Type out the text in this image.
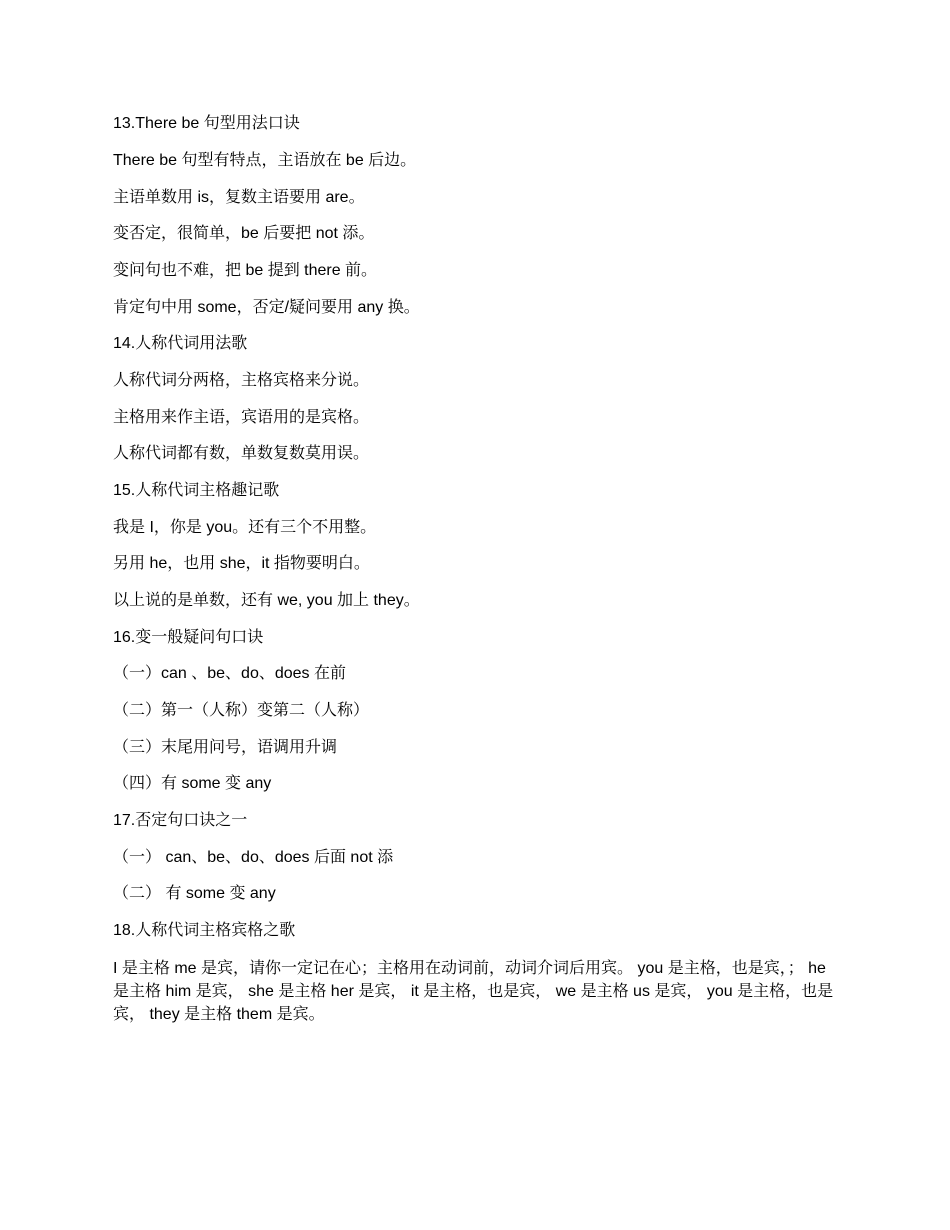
13.There be 句型用法口诀
There be 句型有特点，主语放在 be 后边。
主语单数用 is，复数主语要用 are。
变否定，很简单，be 后要把 not 添。
变问句也不难，把 be 提到 there 前。
肯定句中用 some，否定/疑问要用 any 换。
14.人称代词用法歌
人称代词分两格，主格宾格来分说。
主格用来作主语，宾语用的是宾格。
人称代词都有数，单数复数莫用误。
15.人称代词主格趣记歌
我是 I，你是 you。还有三个不用整。
另用 he，也用 she，it 指物要明白。
以上说的是单数，还有 we, you 加上 they。
16.变一般疑问句口诀
（一）can 、be、do、does 在前
（二）第一（人称）变第二（人称）
（三）末尾用问号，语调用升调
（四）有 some 变 any
17.否定句口诀之一
（一） can、be、do、does 后面 not 添
（二） 有 some 变 any
18.人称代词主格宾格之歌
I 是主格 me 是宾，请你一定记在心；主格用在动词前，动词介词后用宾。 you 是主格，也是宾，； he 是主格 him 是宾， she 是主格 her 是宾， it 是主格，也是宾， we 是主格 us 是宾， you 是主格，也是宾， they 是主格 them 是宾。
